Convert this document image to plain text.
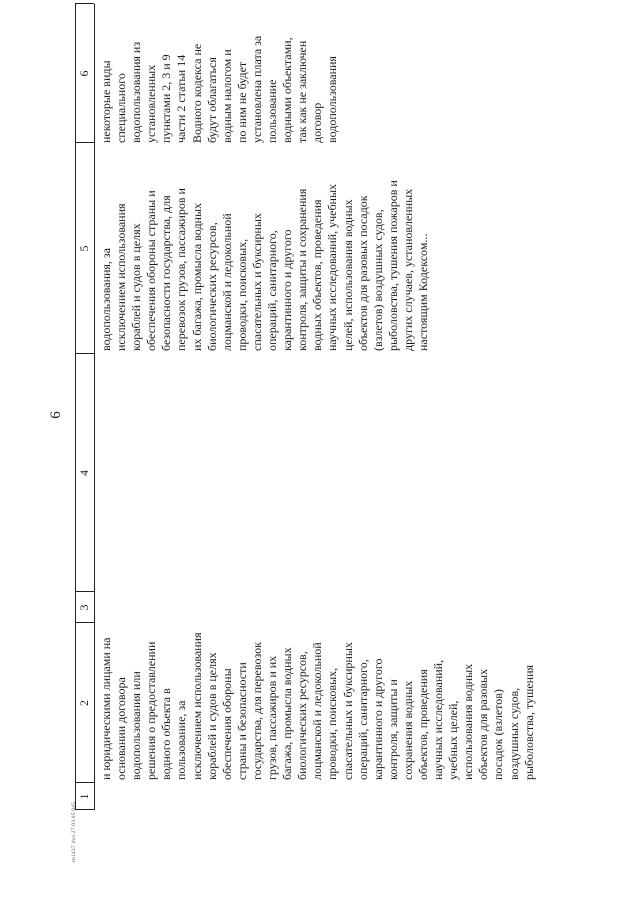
1
2
3
4
5
6
и юридическими лицами на основании договора водопользования или решения о предоставлении водного объекта в пользование, за исключением использования кораблей и судов в целях обеспечения обороны страны и безопасности государства, для перевозок грузов, пассажиров и их багажа, промысла водных биологических ресурсов, лоцманской и ледокольной проводки, поисковых, спасательных и буксирных операций, санитарного, карантинного и другого контроля, защиты и сохранения водных объектов, проведения научных исследований, учебных целей, использования водных объектов для разовых посадок (взлетов) воздушных судов, рыболовства, тушения
водопользования, за исключением использования кораблей и судов в целях обеспечения обороны страны и безопасности государства, для перевозок грузов, пассажиров и их багажа, промысла водных биологических ресурсов, лоцманской и ледокольной проводки, поисковых, спасательных и буксирных операций, санитарного, карантинного и другого контроля, защиты и сохранения водных объектов, проведения научных исследований, учебных целей, использования водных объектов для разовых посадок (взлетов) воздушных судов, рыболовства, тушения пожаров и других случаев, установленных настоящим Кодексом...
некоторые виды специального водопользования из установленных пунктами 2, 3 и 9 части 2 статьи 14 Водного кодекса не будут облагаться водным налогом и по ним не будет установлена плата за пользование водными объектами, так как не заключен договор водопользования
6
rn1437 4vo 27.03.05 845
